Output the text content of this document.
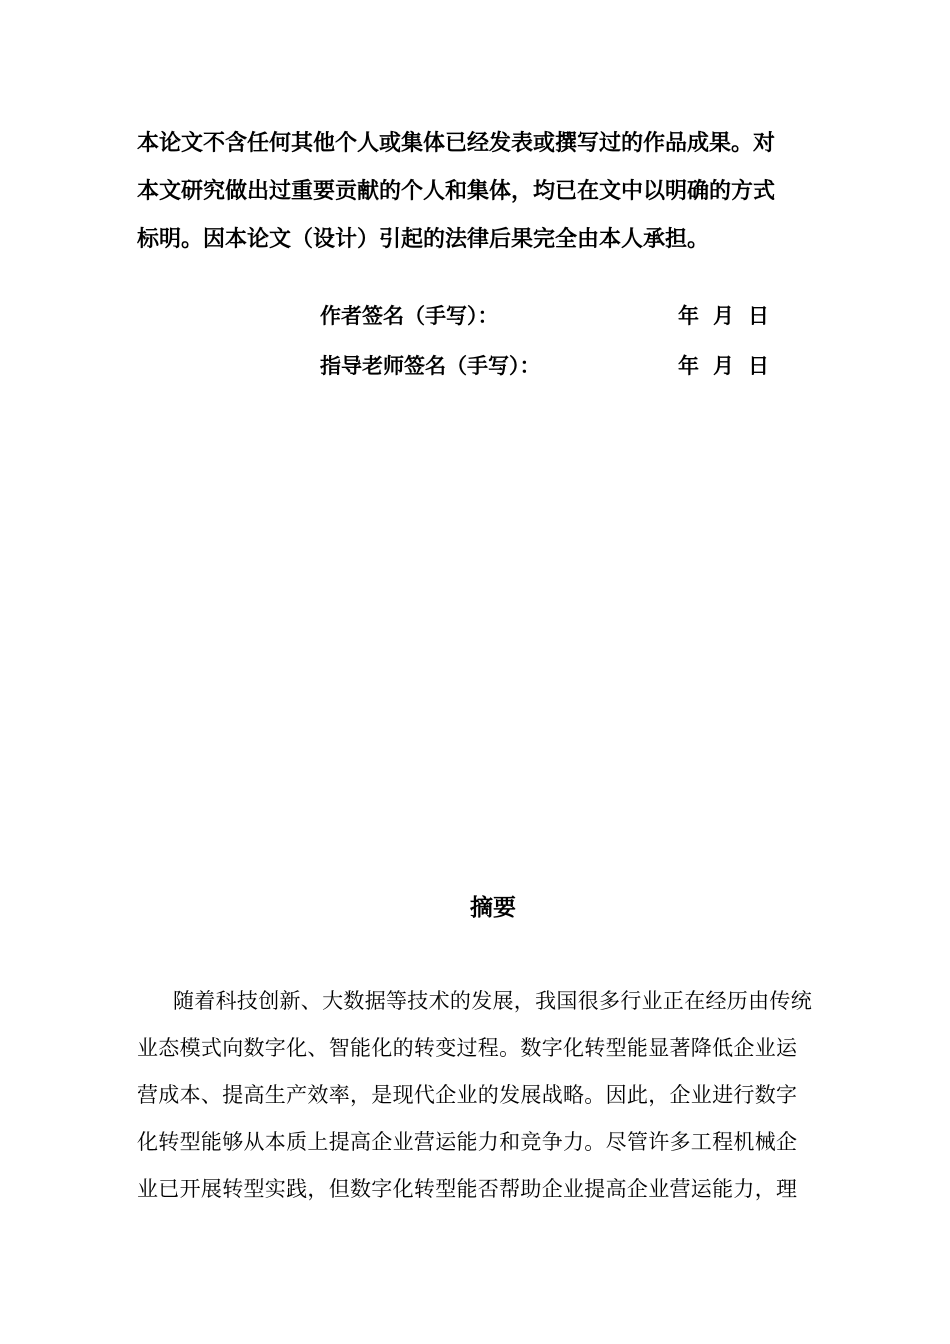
本论文不含任何其他个人或集体已经发表或撰写过的作品成果。对
本文研究做出过重要贡献的个人和集体，均已在文中以明确的方式
标明。因本论文（设计）引起的法律后果完全由本人承担。
作者签名（手写）：	年 月 日
指导老师签名（手写）：	年 月 日
摘要
随着科技创新、大数据等技术的发展，我国很多行业正在经历由传统
业态模式向数字化、智能化的转变过程。数字化转型能显著降低企业运
营成本、提高生产效率，是现代企业的发展战略。因此，企业进行数字
化转型能够从本质上提高企业营运能力和竞争力。尽管许多工程机械企
业已开展转型实践，但数字化转型能否帮助企业提高企业营运能力，理
